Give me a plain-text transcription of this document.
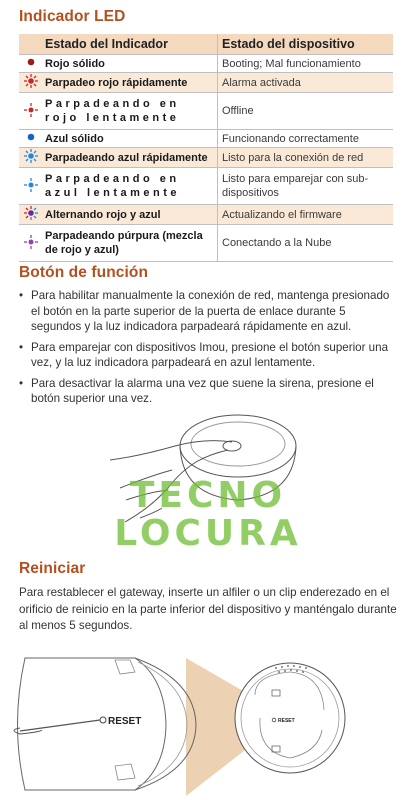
Indicador LED
	Estado del Indicador	Estado del dispositivo
	Rojo sólido	Booting; Mal funcionamiento
	Parpadeo rojo rápidamente	Alarma activada
	Parpadeando en rojo lentamente	Offline
	Azul sólido	Funcionando correctamente
	Parpadeando azul rápidamente	Listo para la conexión de red
	Parpadeando en azul lentamente	Listo para emparejar con sub-dispositivos
	Alternando rojo y azul	Actualizando el firmware
	Parpadeando púrpura (mezcla de rojo y azul)	Conectando a la Nube
Botón de función
• Para habilitar manualmente la conexión de red, mantenga presionado el botón en la parte superior de la puerta de enlace durante 5 segundos y la luz indicadora parpadeará rápidamente en azul.
• Para emparejar con dispositivos Imou, presione el botón superior una vez, y la luz indicadora parpadeará en azul lentamente.
• Para desactivar la alarma una vez que suene la sirena, presione el botón superior una vez.
TECNO
LOCURA
Reiniciar
Para restablecer el gateway, inserte un alfiler o un clip enderezado en el orificio de reinicio en la parte inferior del dispositivo y manténgalo durante al menos 5 segundos.
RESET	RESET
